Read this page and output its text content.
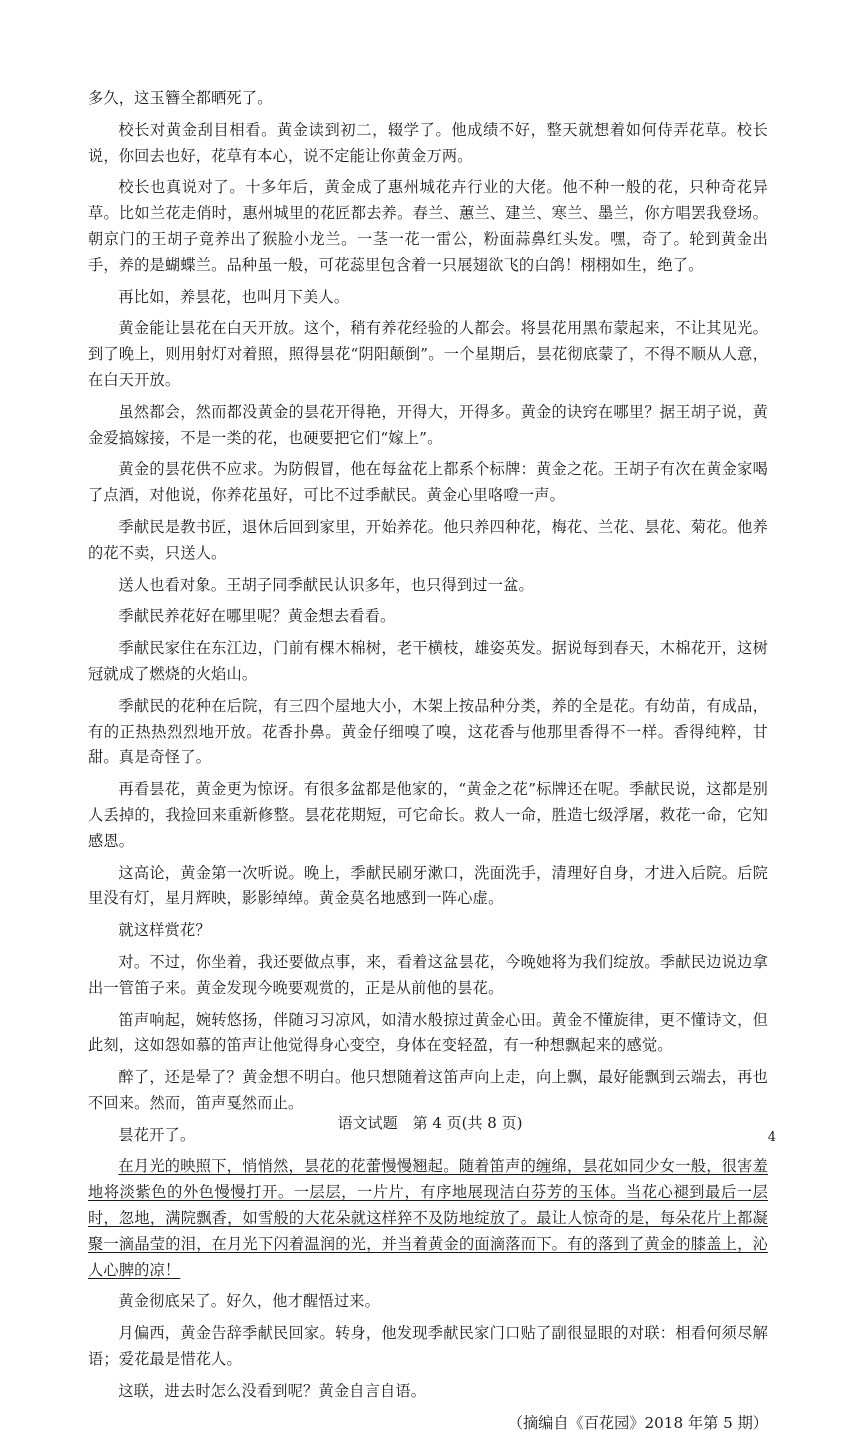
多久，这玉簪全都晒死了。

校长对黄金刮目相看。黄金读到初二，辍学了。他成绩不好，整天就想着如何侍弄花草。校长说，你回去也好，花草有本心，说不定能让你黄金万两。

校长也真说对了。十多年后，黄金成了惠州城花卉行业的大佬。他不种一般的花，只种奇花异草。比如兰花走俏时，惠州城里的花匠都去养。春兰、蕙兰、建兰、寒兰、墨兰，你方唱罢我登场。朝京门的王胡子竟养出了猴脸小龙兰。一茎一花一雷公，粉面蒜鼻红头发。嘿，奇了。轮到黄金出手，养的是蝴蝶兰。品种虽一般，可花蕊里包含着一只展翅欲飞的白鸽！栩栩如生，绝了。

再比如，养昙花，也叫月下美人。

黄金能让昙花在白天开放。这个，稍有养花经验的人都会。将昙花用黑布蒙起来，不让其见光。到了晚上，则用射灯对着照，照得昙花“阴阳颠倒”。一个星期后，昙花彻底蒙了，不得不顺从人意，在白天开放。

虽然都会，然而都没黄金的昙花开得艳，开得大，开得多。黄金的诀窍在哪里？据王胡子说，黄金爱搞嫁接，不是一类的花，也硬要把它们“嫁上”。

黄金的昙花供不应求。为防假冒，他在每盆花上都系个标牌：黄金之花。王胡子有次在黄金家喝了点酒，对他说，你养花虽好，可比不过季献民。黄金心里咯噔一声。

季献民是教书匠，退休后回到家里，开始养花。他只养四种花，梅花、兰花、昙花、菊花。他养的花不卖，只送人。

送人也看对象。王胡子同季献民认识多年，也只得到过一盆。

季献民养花好在哪里呢？黄金想去看看。

季献民家住在东江边，门前有棵木棉树，老干横枝，雄姿英发。据说每到春天，木棉花开，这树冠就成了燃烧的火焰山。

季献民的花种在后院，有三四个屋地大小，木架上按品种分类，养的全是花。有幼苗，有成品，有的正热热烈烈地开放。花香扑鼻。黄金仔细嗅了嗅，这花香与他那里香得不一样。香得纯粹，甘甜。真是奇怪了。

再看昙花，黄金更为惊讶。有很多盆都是他家的，“黄金之花”标牌还在呢。季献民说，这都是别人丢掉的，我捡回来重新修整。昙花花期短，可它命长。救人一命，胜造七级浮屠，救花一命，它知感恩。

这高论，黄金第一次听说。晚上，季献民刷牙漱口，洗面洗手，清理好自身，才进入后院。后院里没有灯，星月辉映，影影绰绰。黄金莫名地感到一阵心虚。

就这样赏花？

对。不过，你坐着，我还要做点事，来，看着这盆昙花，今晚她将为我们绽放。季献民边说边拿出一管笛子来。黄金发现今晚要观赏的，正是从前他的昙花。

笛声响起，婉转悠扬，伴随习习凉风，如清水般掠过黄金心田。黄金不懂旋律，更不懂诗文，但此刻，这如怨如慕的笛声让他觉得身心变空，身体在变轻盈，有一种想飘起来的感觉。

醉了，还是晕了？黄金想不明白。他只想随着这笛声向上走，向上飘，最好能飘到云端去，再也不回来。然而，笛声戛然而止。

昙花开了。

在月光的映照下，悄悄然，昙花的花蕾慢慢翘起。随着笛声的缠绵，昙花如同少女一般，很害羞地将淡紫色的外色慢慢打开。一层层，一片片，有序地展现洁白芬芳的玉体。当花心褪到最后一层时，忽地，满院飘香，如雪般的大花朵就这样猝不及防地绽放了。最让人惊奇的是，每朵花片上都凝聚一滴晶莹的泪，在月光下闪着温润的光，并当着黄金的面滴落而下。有的落到了黄金的膝盖上，沁人心脾的凉！

黄金彻底呆了。好久，他才醒悟过来。

月偏西，黄金告辞季献民回家。转身，他发现季献民家门口贴了副很显眼的对联：相看何须尽解语；爱花最是惜花人。

这联，进去时怎么没看到呢？黄金自言自语。

（摘编自《百花园》2018 年第 5 期）

语文试题　第 4 页(共 8 页)
4
